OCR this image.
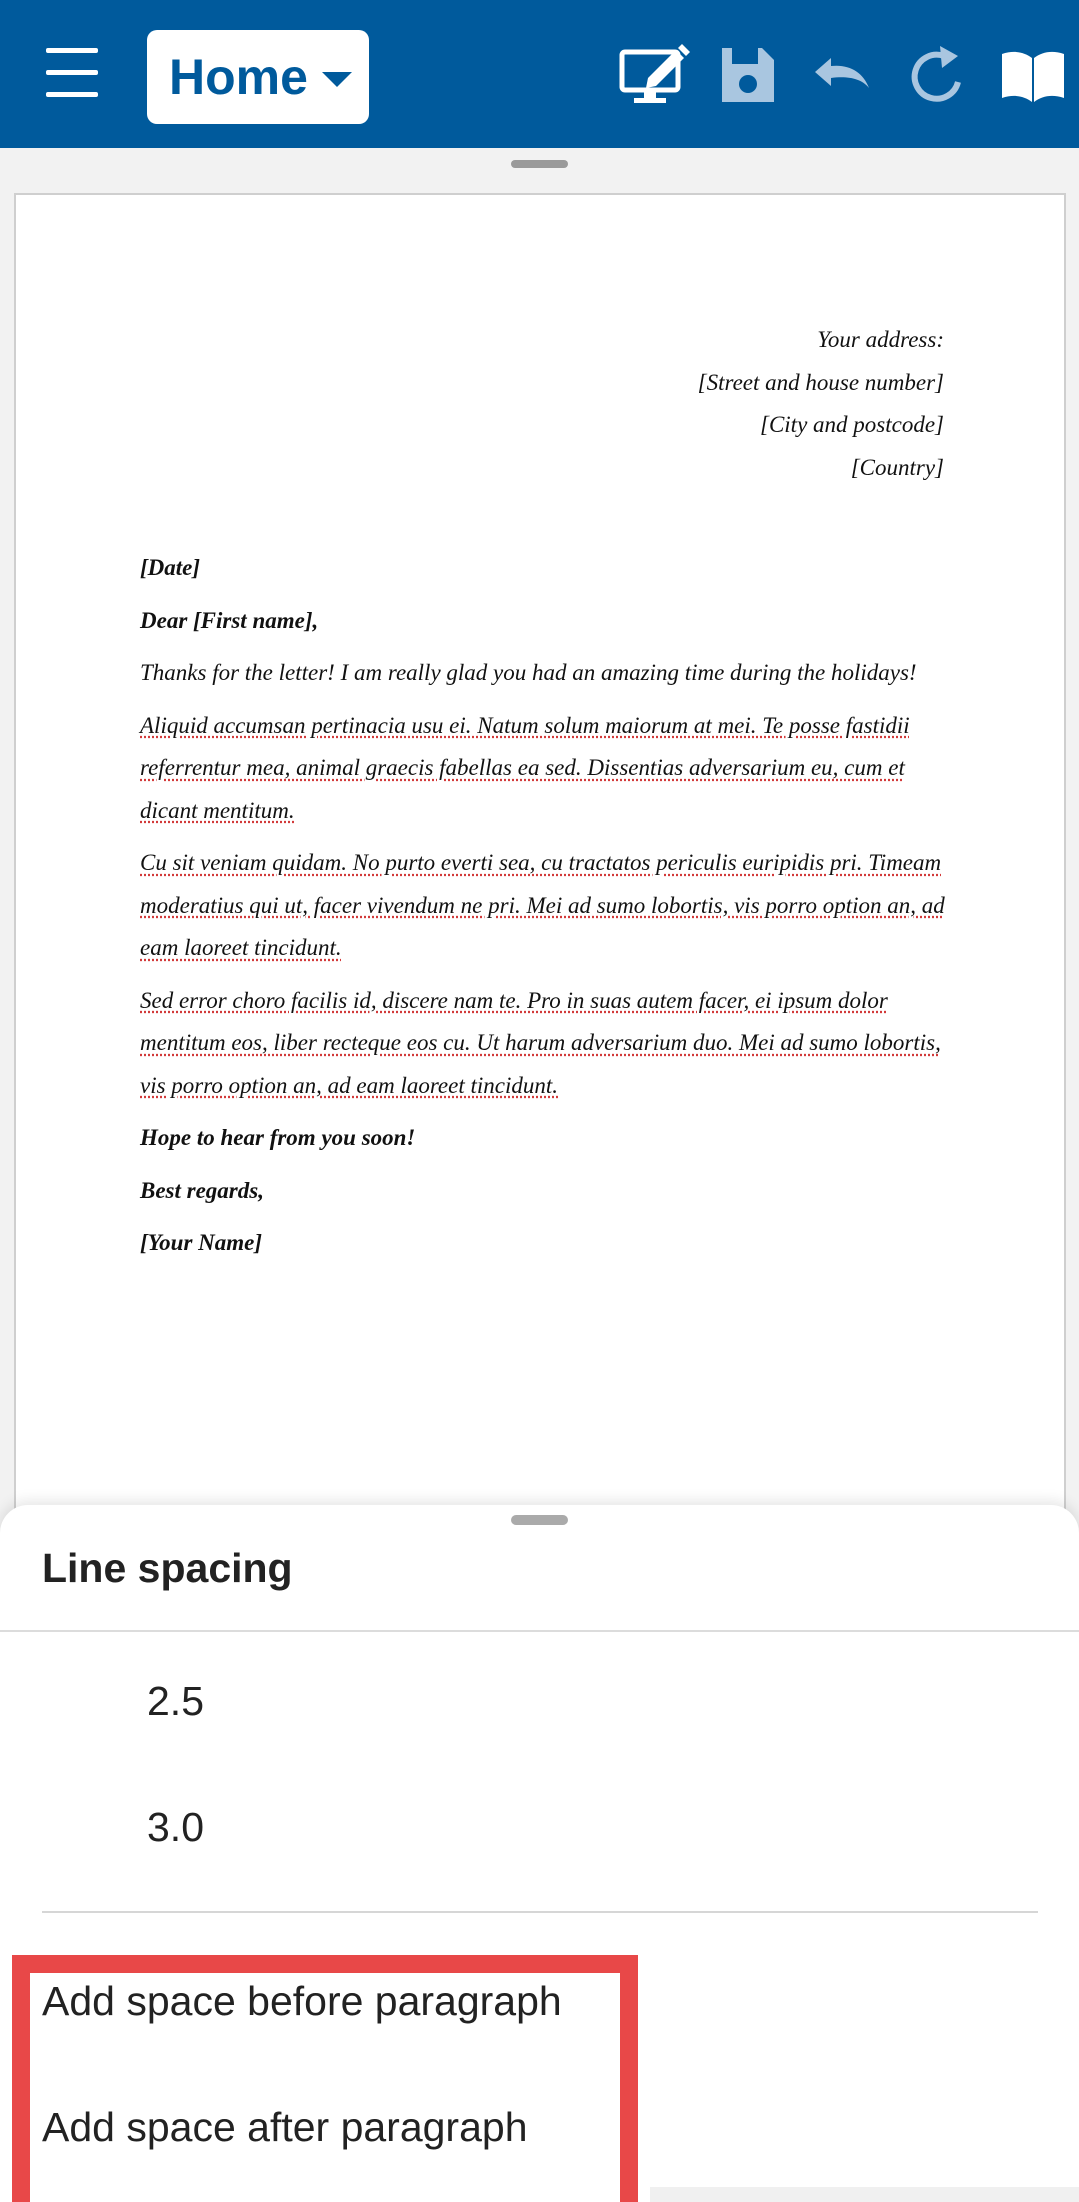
Home
Your address:
[Street and house number]
[City and postcode]
[Country]

[Date]

Dear [First name],

Thanks for the letter! I am really glad you had an amazing time during the holidays!

Aliquid accumsan pertinacia usu ei. Natum solum maiorum at mei. Te posse fastidii referrentur mea, animal graecis fabellas ea sed. Dissentias adversarium eu, cum et dicant mentitum.

Cu sit veniam quidam. No purto everti sea, cu tractatos periculis euripidis pri. Timeam moderatius qui ut, facer vivendum ne pri. Mei ad sumo lobortis, vis porro option an, ad eam laoreet tincidunt.

Sed error choro facilis id, discere nam te. Pro in suas autem facer, ei ipsum dolor mentitum eos, liber recteque eos cu. Ut harum adversarium duo. Mei ad sumo lobortis, vis porro option an, ad eam laoreet tincidunt.

Hope to hear from you soon!

Best regards,

[Your Name]

Line spacing
2.5
3.0
Add space before paragraph
Add space after paragraph
